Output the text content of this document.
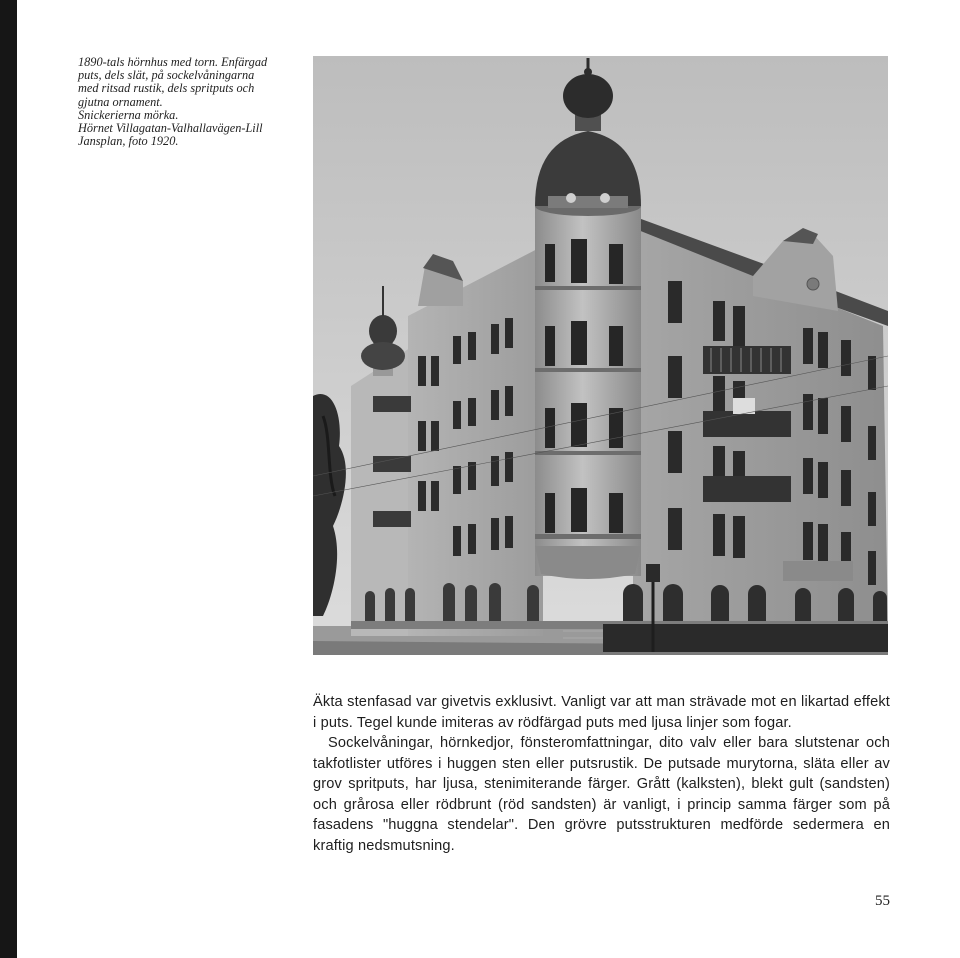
1890-tals hörnhus med torn. Enfärgad
puts, dels slät, på sockelvåningarna
med ritsad rustik, dels spritputs och
gjutna ornament.
Snickerierna mörka.
Hörnet Villagatan-Valhallavägen-Lill
Jansplan, foto 1920.

Äkta stenfasad var givetvis exklusivt. Vanligt var att man strävade mot en likartad effekt i puts. Tegel kunde imiteras av rödfärgad puts med ljusa linjer som fogar.

Sockelvåningar, hörnkedjor, fönsteromfattningar, dito valv eller bara slutstenar och takfotlister utföres i huggen sten eller putsrustik. De putsade murytorna, släta eller av grov spritputs, har ljusa, stenimiterande färger. Grått (kalksten), blekt gult (sandsten) och grårosa eller rödbrunt (röd sandsten) är vanligt, i princip samma färger som på fasadens "huggna stendelar". Den grövre putsstrukturen medförde sedermera en kraftig nedsmutsning.

55
